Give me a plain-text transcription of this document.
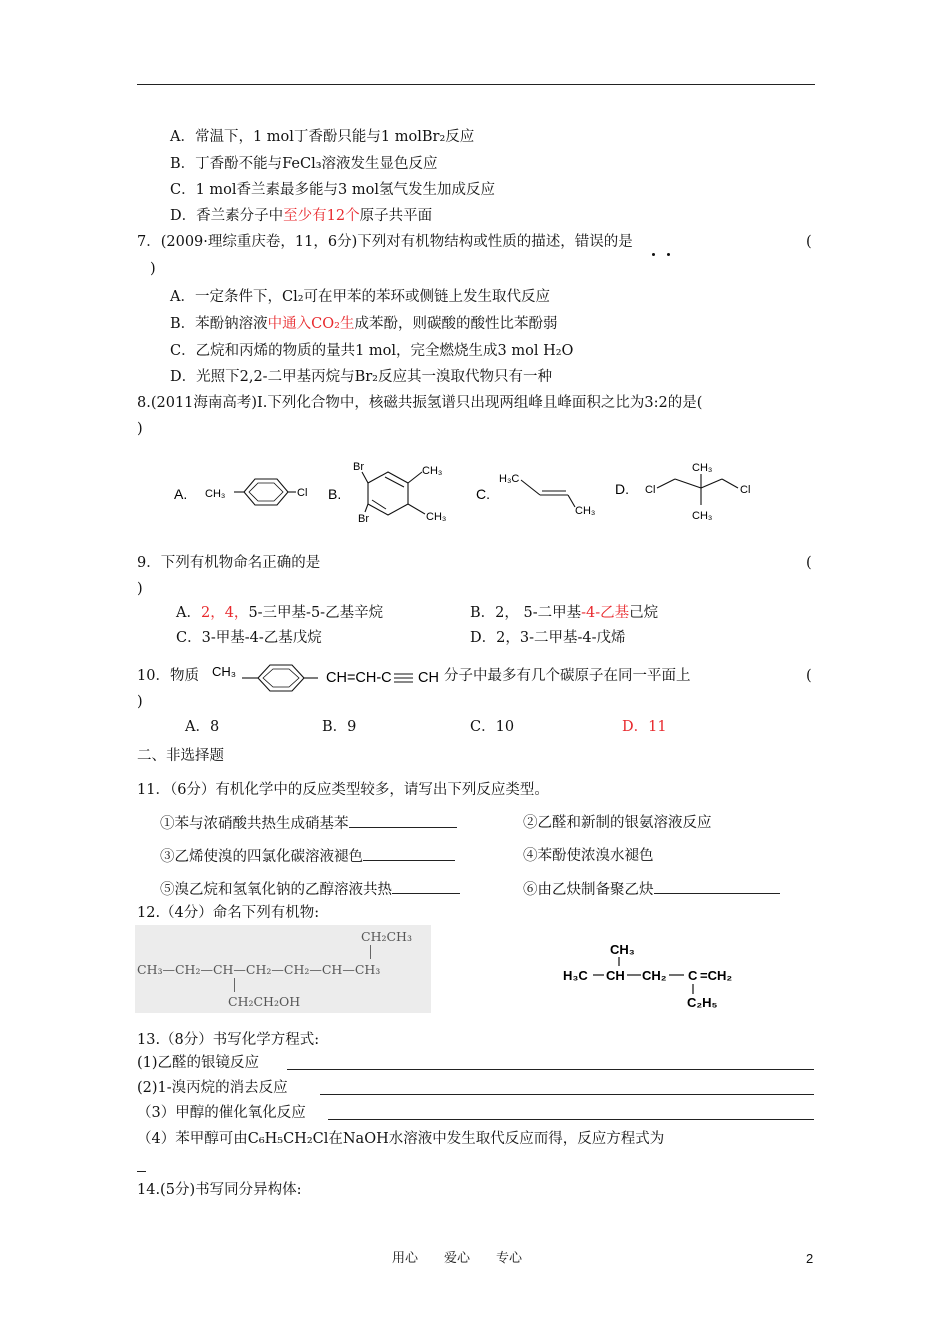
A．常温下，1 mol丁香酚只能与1 molBr₂反应
B．丁香酚不能与FeCl₃溶液发生显色反应
C．1 mol香兰素最多能与3 mol氢气发生加成反应
D．香兰素分子中至少有12个原子共平面
7．(2009·理综重庆卷，11，6分)下列对有机物结构或性质的描述，错误的是	(
)
A．一定条件下，Cl₂可在甲苯的苯环或侧链上发生取代反应
B．苯酚钠溶液中通入CO₂生成苯酚，则碳酸的酸性比苯酚弱
C．乙烷和丙烯的物质的量共1 mol，完全燃烧生成3 mol H₂O
D．光照下2,2-二甲基丙烷与Br₂反应其一溴取代物只有一种
8.(2011海南高考)Ⅰ.下列化合物中，核磁共振氢谱只出现两组峰且峰面积之比为3:2的是(
)
A. CH₃	Cl B.
Br
Br
CH₃
CH₃
C.
H₃C
CH₃
D. Cl	Cl
CH₃
CH₃
9．下列有机物命名正确的是	(
)
A．2，4，5-三甲基-5-乙基辛烷	B．2， 5-二甲基-4-乙基己烷
C．3-甲基-4-乙基戊烷	D．2，3-二甲基-4-戊烯
10．物质 CH₃	CH=CH-C CH 分子中最多有几个碳原子在同一平面上	(
)
A．8	B．9	C．10	D．11
二、非选择题
11．（6分）有机化学中的反应类型较多，请写出下列反应类型。
①苯与浓硝酸共热生成硝基苯	②乙醛和新制的银氨溶液反应
③乙烯使溴的四氯化碳溶液褪色	④苯酚使浓溴水褪色
⑤溴乙烷和氢氧化钠的乙醇溶液共热	⑥由乙炔制备聚乙炔
12.（4分）命名下列有机物:
CH₂CH₃
CH₃—CH₂—CH—CH₂—CH₂—CH—CH₃
CH₂CH₂OH
CH₃
H₃C CH CH₂ C =CH₂
C₂H₅
13.（8分）书写化学方程式:
(1)乙醛的银镜反应
(2)1-溴丙烷的消去反应
（3）甲醇的催化氧化反应
（4）苯甲醇可由C₆H₅CH₂Cl在NaOH水溶液中发生取代反应而得，反应方程式为
14.(5分)书写同分异构体:
用心　　爱心　　专心	2
